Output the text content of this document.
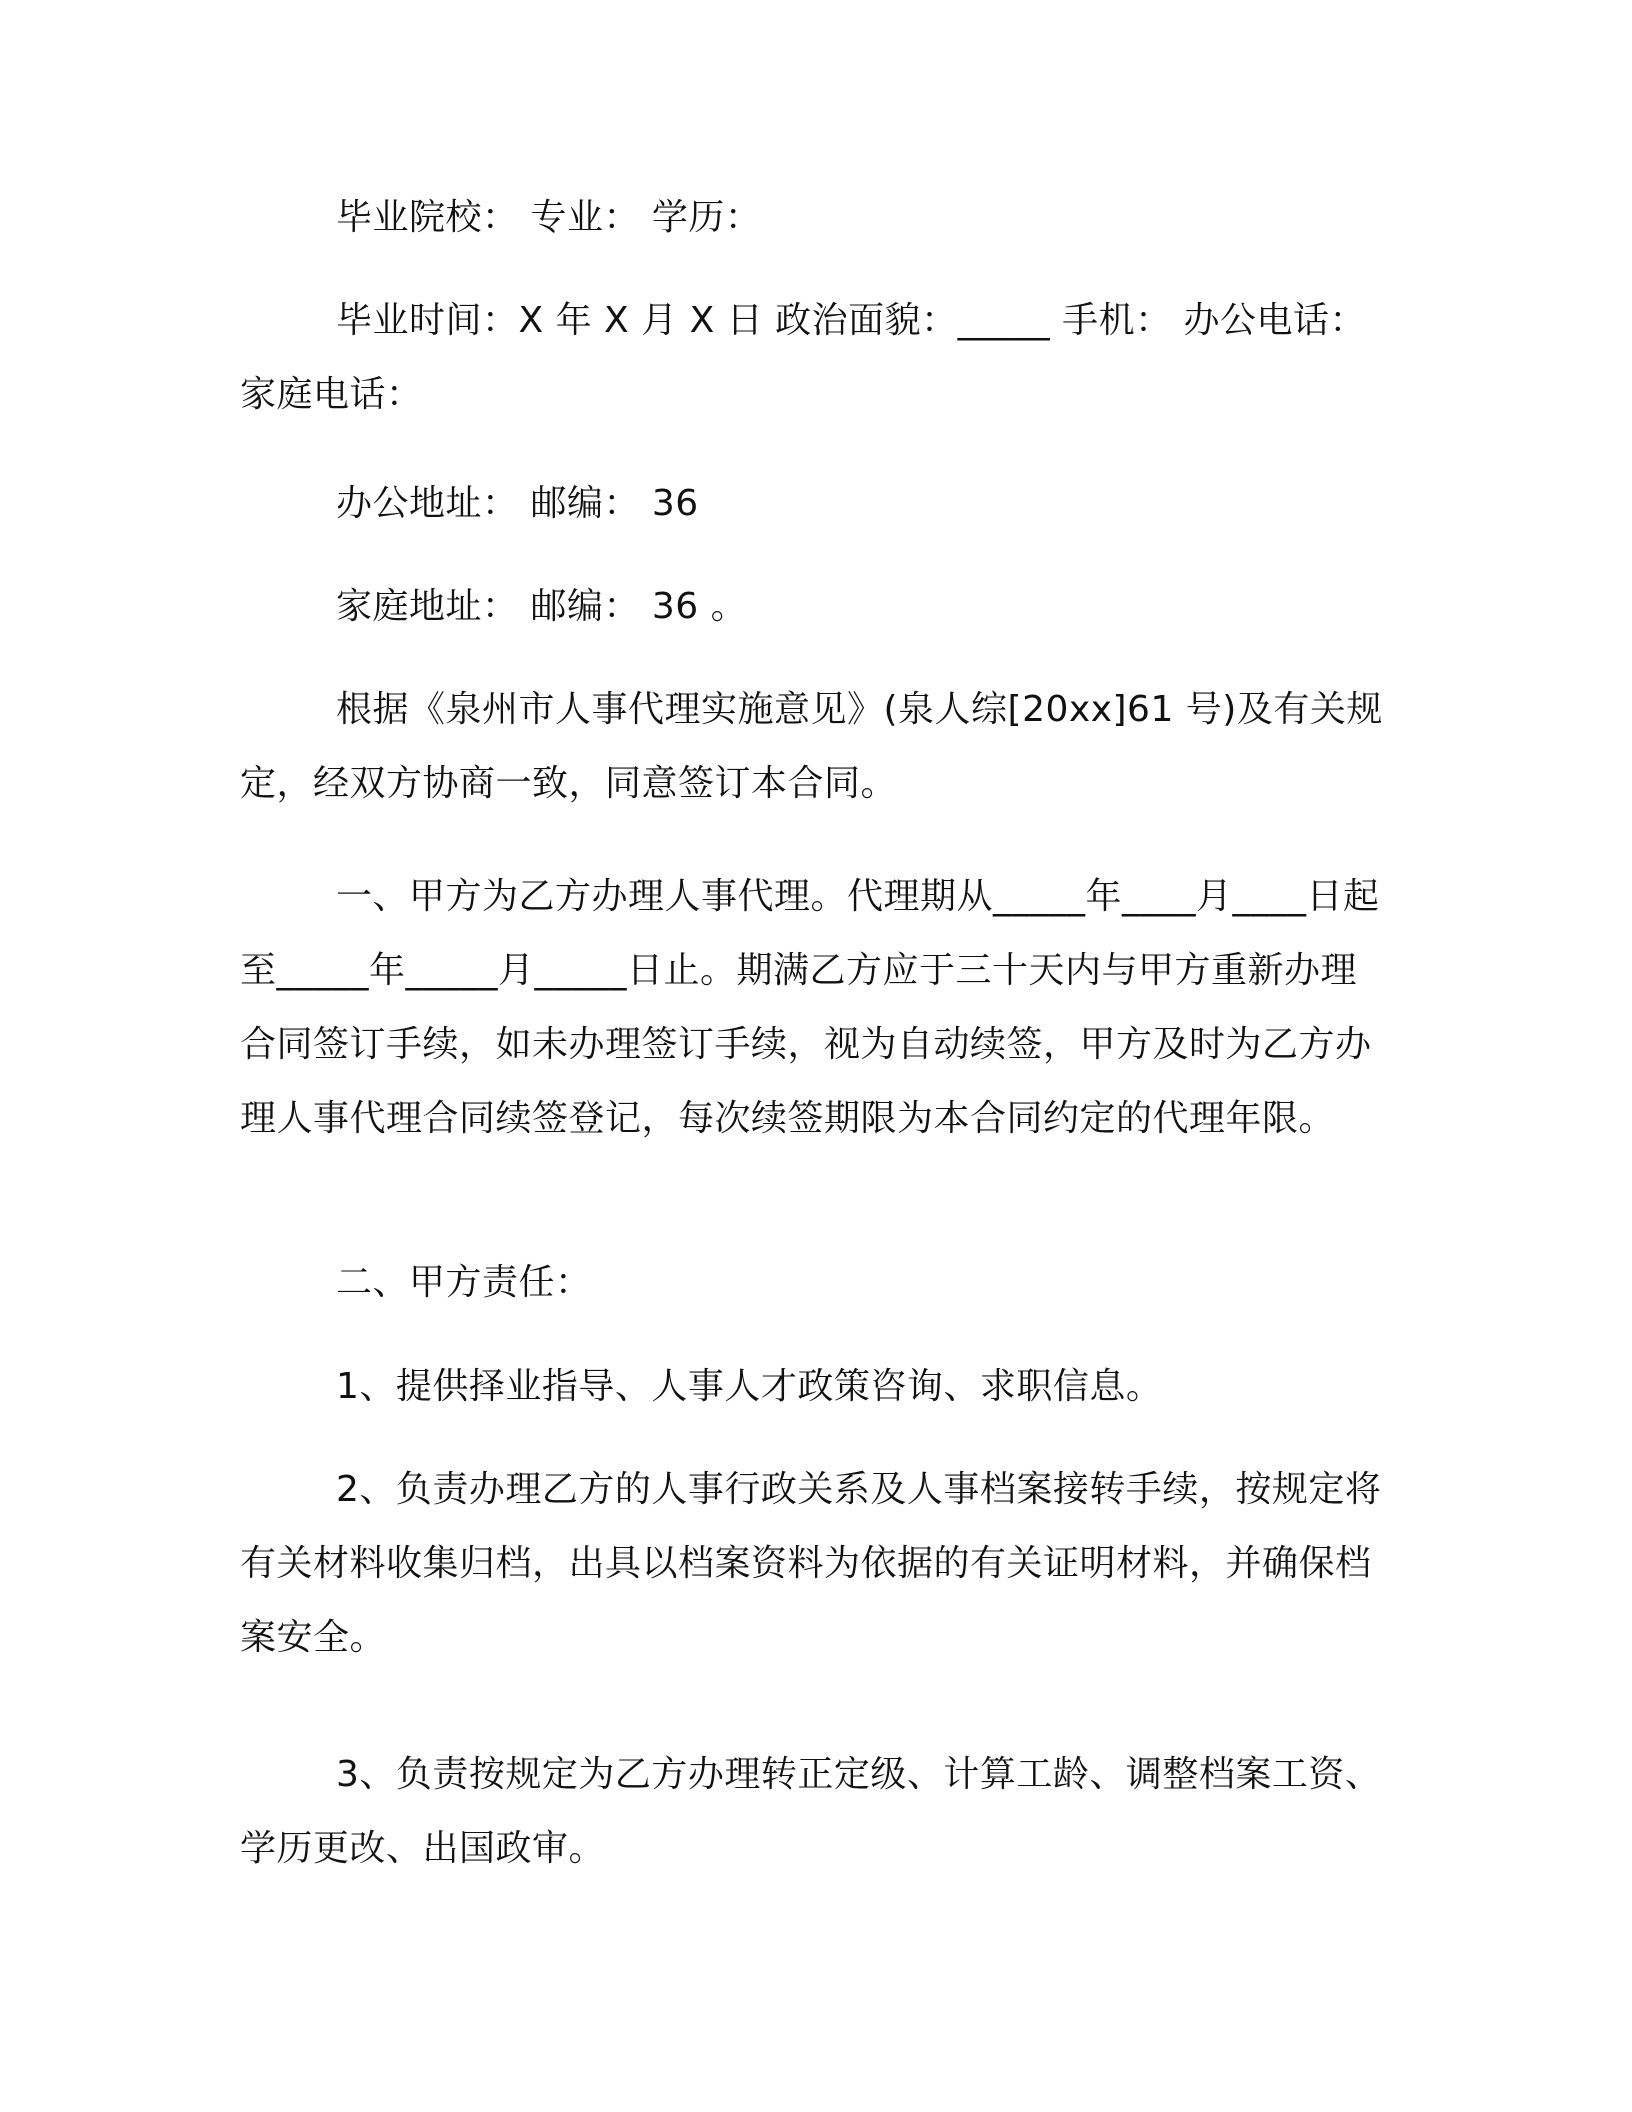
毕业院校： 专业： 学历：

毕业时间：X 年 X 月 X 日 政治面貌：_____ 手机： 办公电话：家庭电话：

办公地址： 邮编： 36

家庭地址： 邮编： 36 。

根据《泉州市人事代理实施意见》(泉人综[20xx]61 号)及有关规定，经双方协商一致，同意签订本合同。

一、甲方为乙方办理人事代理。代理期从_____年____月____日起至_____年_____月_____日止。期满乙方应于三十天内与甲方重新办理合同签订手续，如未办理签订手续，视为自动续签，甲方及时为乙方办理人事代理合同续签登记，每次续签期限为本合同约定的代理年限。

二、甲方责任：

1、提供择业指导、人事人才政策咨询、求职信息。

2、负责办理乙方的人事行政关系及人事档案接转手续，按规定将有关材料收集归档，出具以档案资料为依据的有关证明材料，并确保档案安全。

3、负责按规定为乙方办理转正定级、计算工龄、调整档案工资、学历更改、出国政审。
